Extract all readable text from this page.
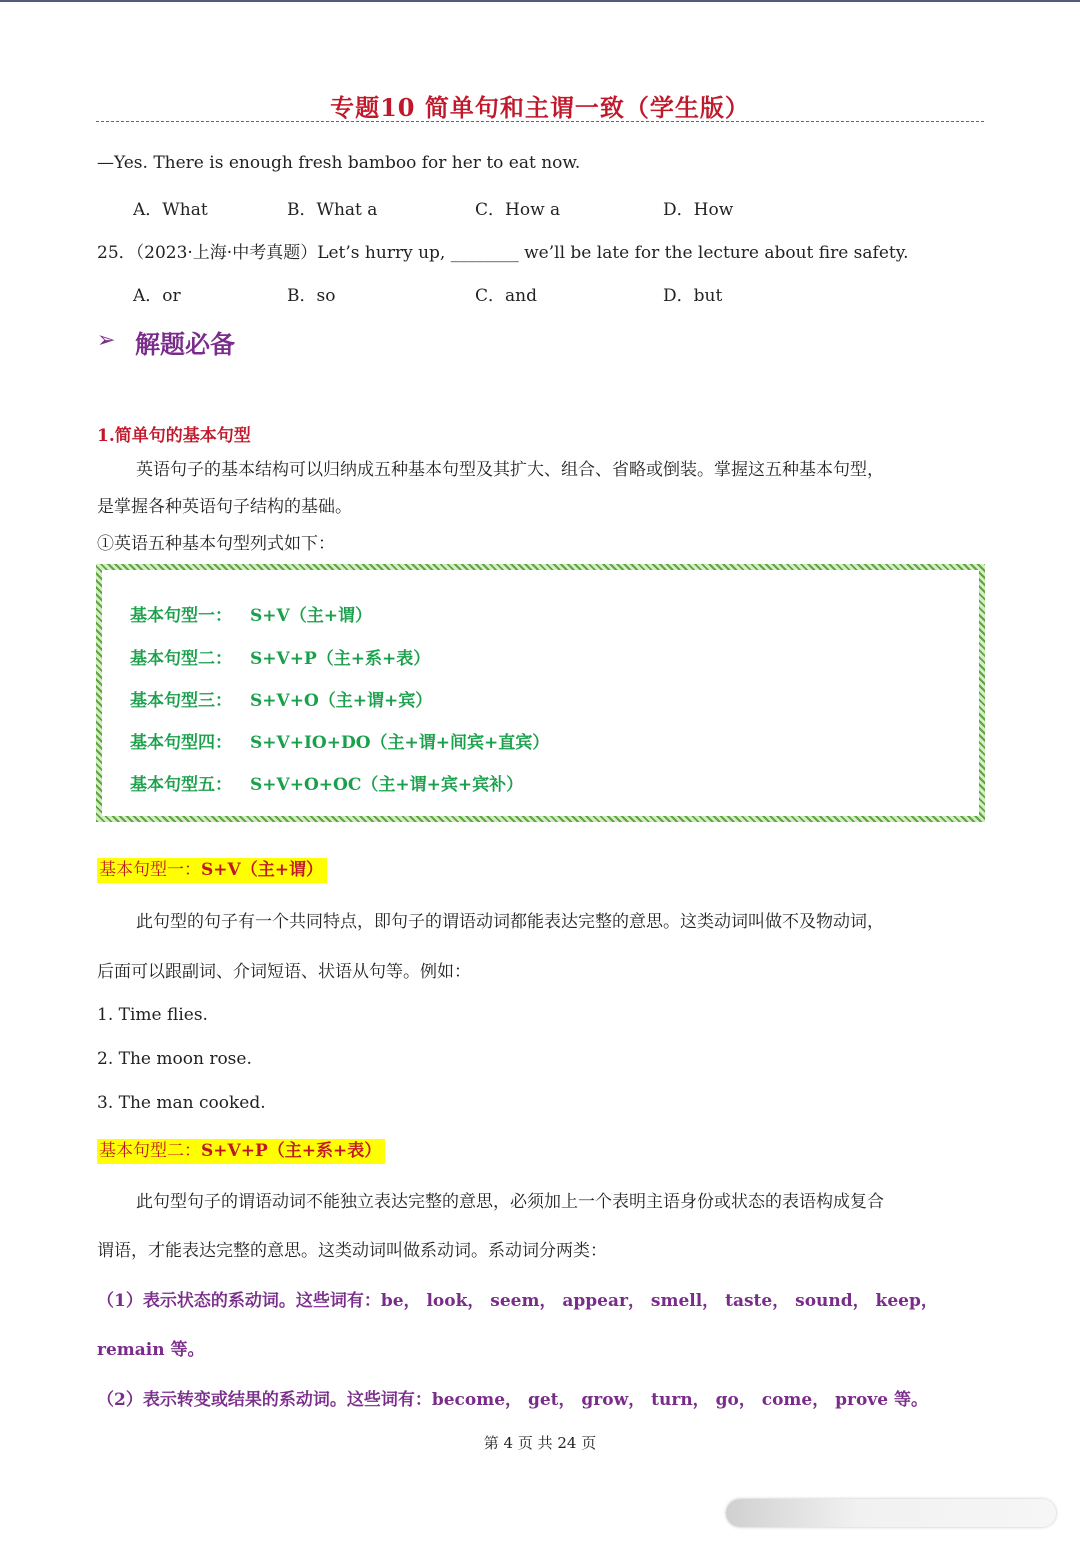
专题10 简单句和主谓一致（学生版）
—Yes. There is enough fresh bamboo for her to eat now.
A．What	B．What a	C．How a	D．How
25．（2023·上海·中考真题）Let’s hurry up, ________ we’ll be late for the lecture about fire safety.
A．or	B．so	C．and	D．but
➢ 解题必备
1.简单句的基本句型
英语句子的基本结构可以归纳成五种基本句型及其扩大、组合、省略或倒装。掌握这五种基本句型，
是掌握各种英语句子结构的基础。
①英语五种基本句型列式如下：
基本句型一： S+V（主+谓）
基本句型二： S+V+P（主+系+表）
基本句型三： S+V+O（主+谓+宾）
基本句型四： S+V+IO+DO（主+谓+间宾+直宾）
基本句型五： S+V+O+OC（主+谓+宾+宾补）
基本句型一：S+V（主+谓）
此句型的句子有一个共同特点，即句子的谓语动词都能表达完整的意思。这类动词叫做不及物动词，
后面可以跟副词、介词短语、状语从句等。例如：
1. Time flies.
2. The moon rose.
3. The man cooked.
基本句型二：S+V+P（主+系+表）
此句型句子的谓语动词不能独立表达完整的意思，必须加上一个表明主语身份或状态的表语构成复合
谓语，才能表达完整的意思。这类动词叫做系动词。系动词分两类：
（1）表示状态的系动词。这些词有：be， look， seem， appear， smell， taste， sound， keep，
remain 等。
（2）表示转变或结果的系动词。这些词有：become， get， grow， turn， go， come， prove 等。
第 4 页 共 24 页
